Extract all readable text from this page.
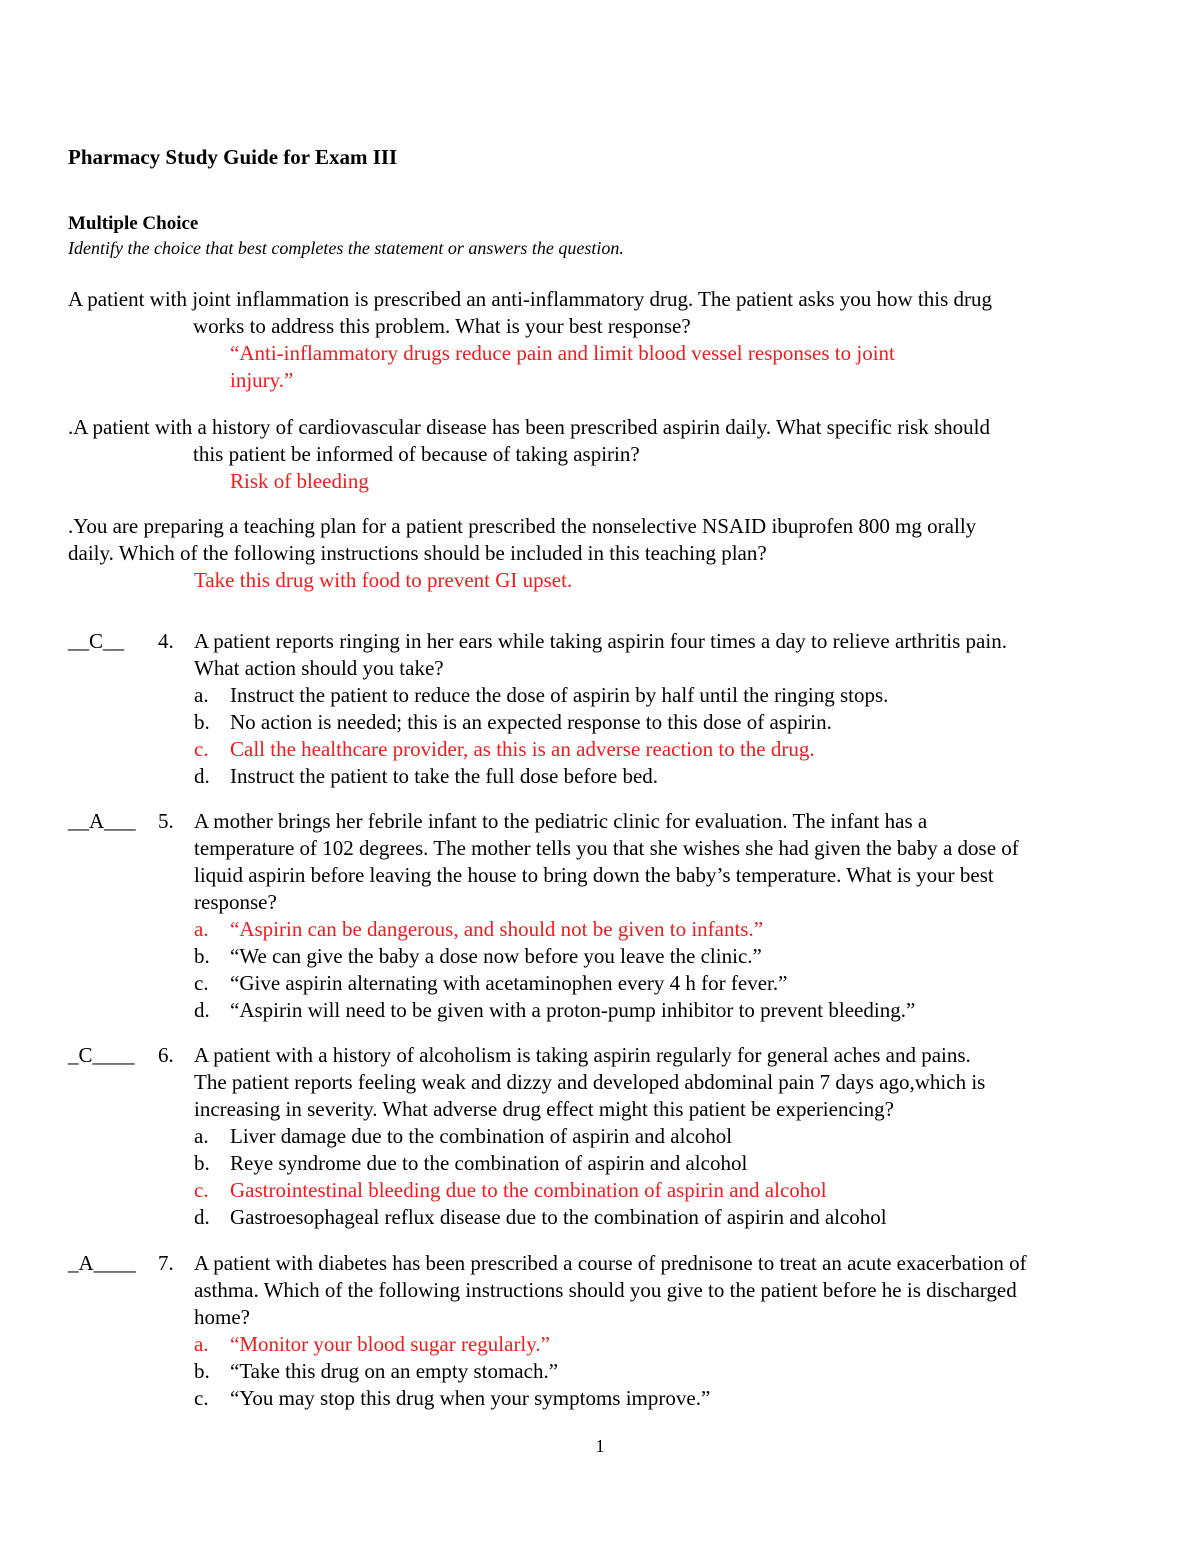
Pharmacy Study Guide for Exam III
Multiple Choice
Identify the choice that best completes the statement or answers the question.
A patient with joint inflammation is prescribed an anti-inflammatory drug. The patient asks you how this drug
works to address this problem. What is your best response?
“Anti-inflammatory drugs reduce pain and limit blood vessel responses to joint
injury.”
.A patient with a history of cardiovascular disease has been prescribed aspirin daily. What specific risk should
this patient be informed of because of taking aspirin?
Risk of bleeding
.You are preparing a teaching plan for a patient prescribed the nonselective NSAID ibuprofen 800 mg orally
daily. Which of the following instructions should be included in this teaching plan?
Take this drug with food to prevent GI upset.
__C__ 4. A patient reports ringing in her ears while taking aspirin four times a day to relieve arthritis pain.
What action should you take?
a. Instruct the patient to reduce the dose of aspirin by half until the ringing stops.
b. No action is needed; this is an expected response to this dose of aspirin.
c. Call the healthcare provider, as this is an adverse reaction to the drug.
d. Instruct the patient to take the full dose before bed.
__A___ 5. A mother brings her febrile infant to the pediatric clinic for evaluation. The infant has a
temperature of 102 degrees. The mother tells you that she wishes she had given the baby a dose of
liquid aspirin before leaving the house to bring down the baby’s temperature. What is your best
response?
a. “Aspirin can be dangerous, and should not be given to infants.”
b. “We can give the baby a dose now before you leave the clinic.”
c. “Give aspirin alternating with acetaminophen every 4 h for fever.”
d. “Aspirin will need to be given with a proton-pump inhibitor to prevent bleeding.”
_C____ 6. A patient with a history of alcoholism is taking aspirin regularly for general aches and pains.
The patient reports feeling weak and dizzy and developed abdominal pain 7 days ago,which is
increasing in severity. What adverse drug effect might this patient be experiencing?
a. Liver damage due to the combination of aspirin and alcohol
b. Reye syndrome due to the combination of aspirin and alcohol
c. Gastrointestinal bleeding due to the combination of aspirin and alcohol
d. Gastroesophageal reflux disease due to the combination of aspirin and alcohol
_A____ 7. A patient with diabetes has been prescribed a course of prednisone to treat an acute exacerbation of
asthma. Which of the following instructions should you give to the patient before he is discharged
home?
a. “Monitor your blood sugar regularly.”
b. “Take this drug on an empty stomach.”
c. “You may stop this drug when your symptoms improve.”
1
